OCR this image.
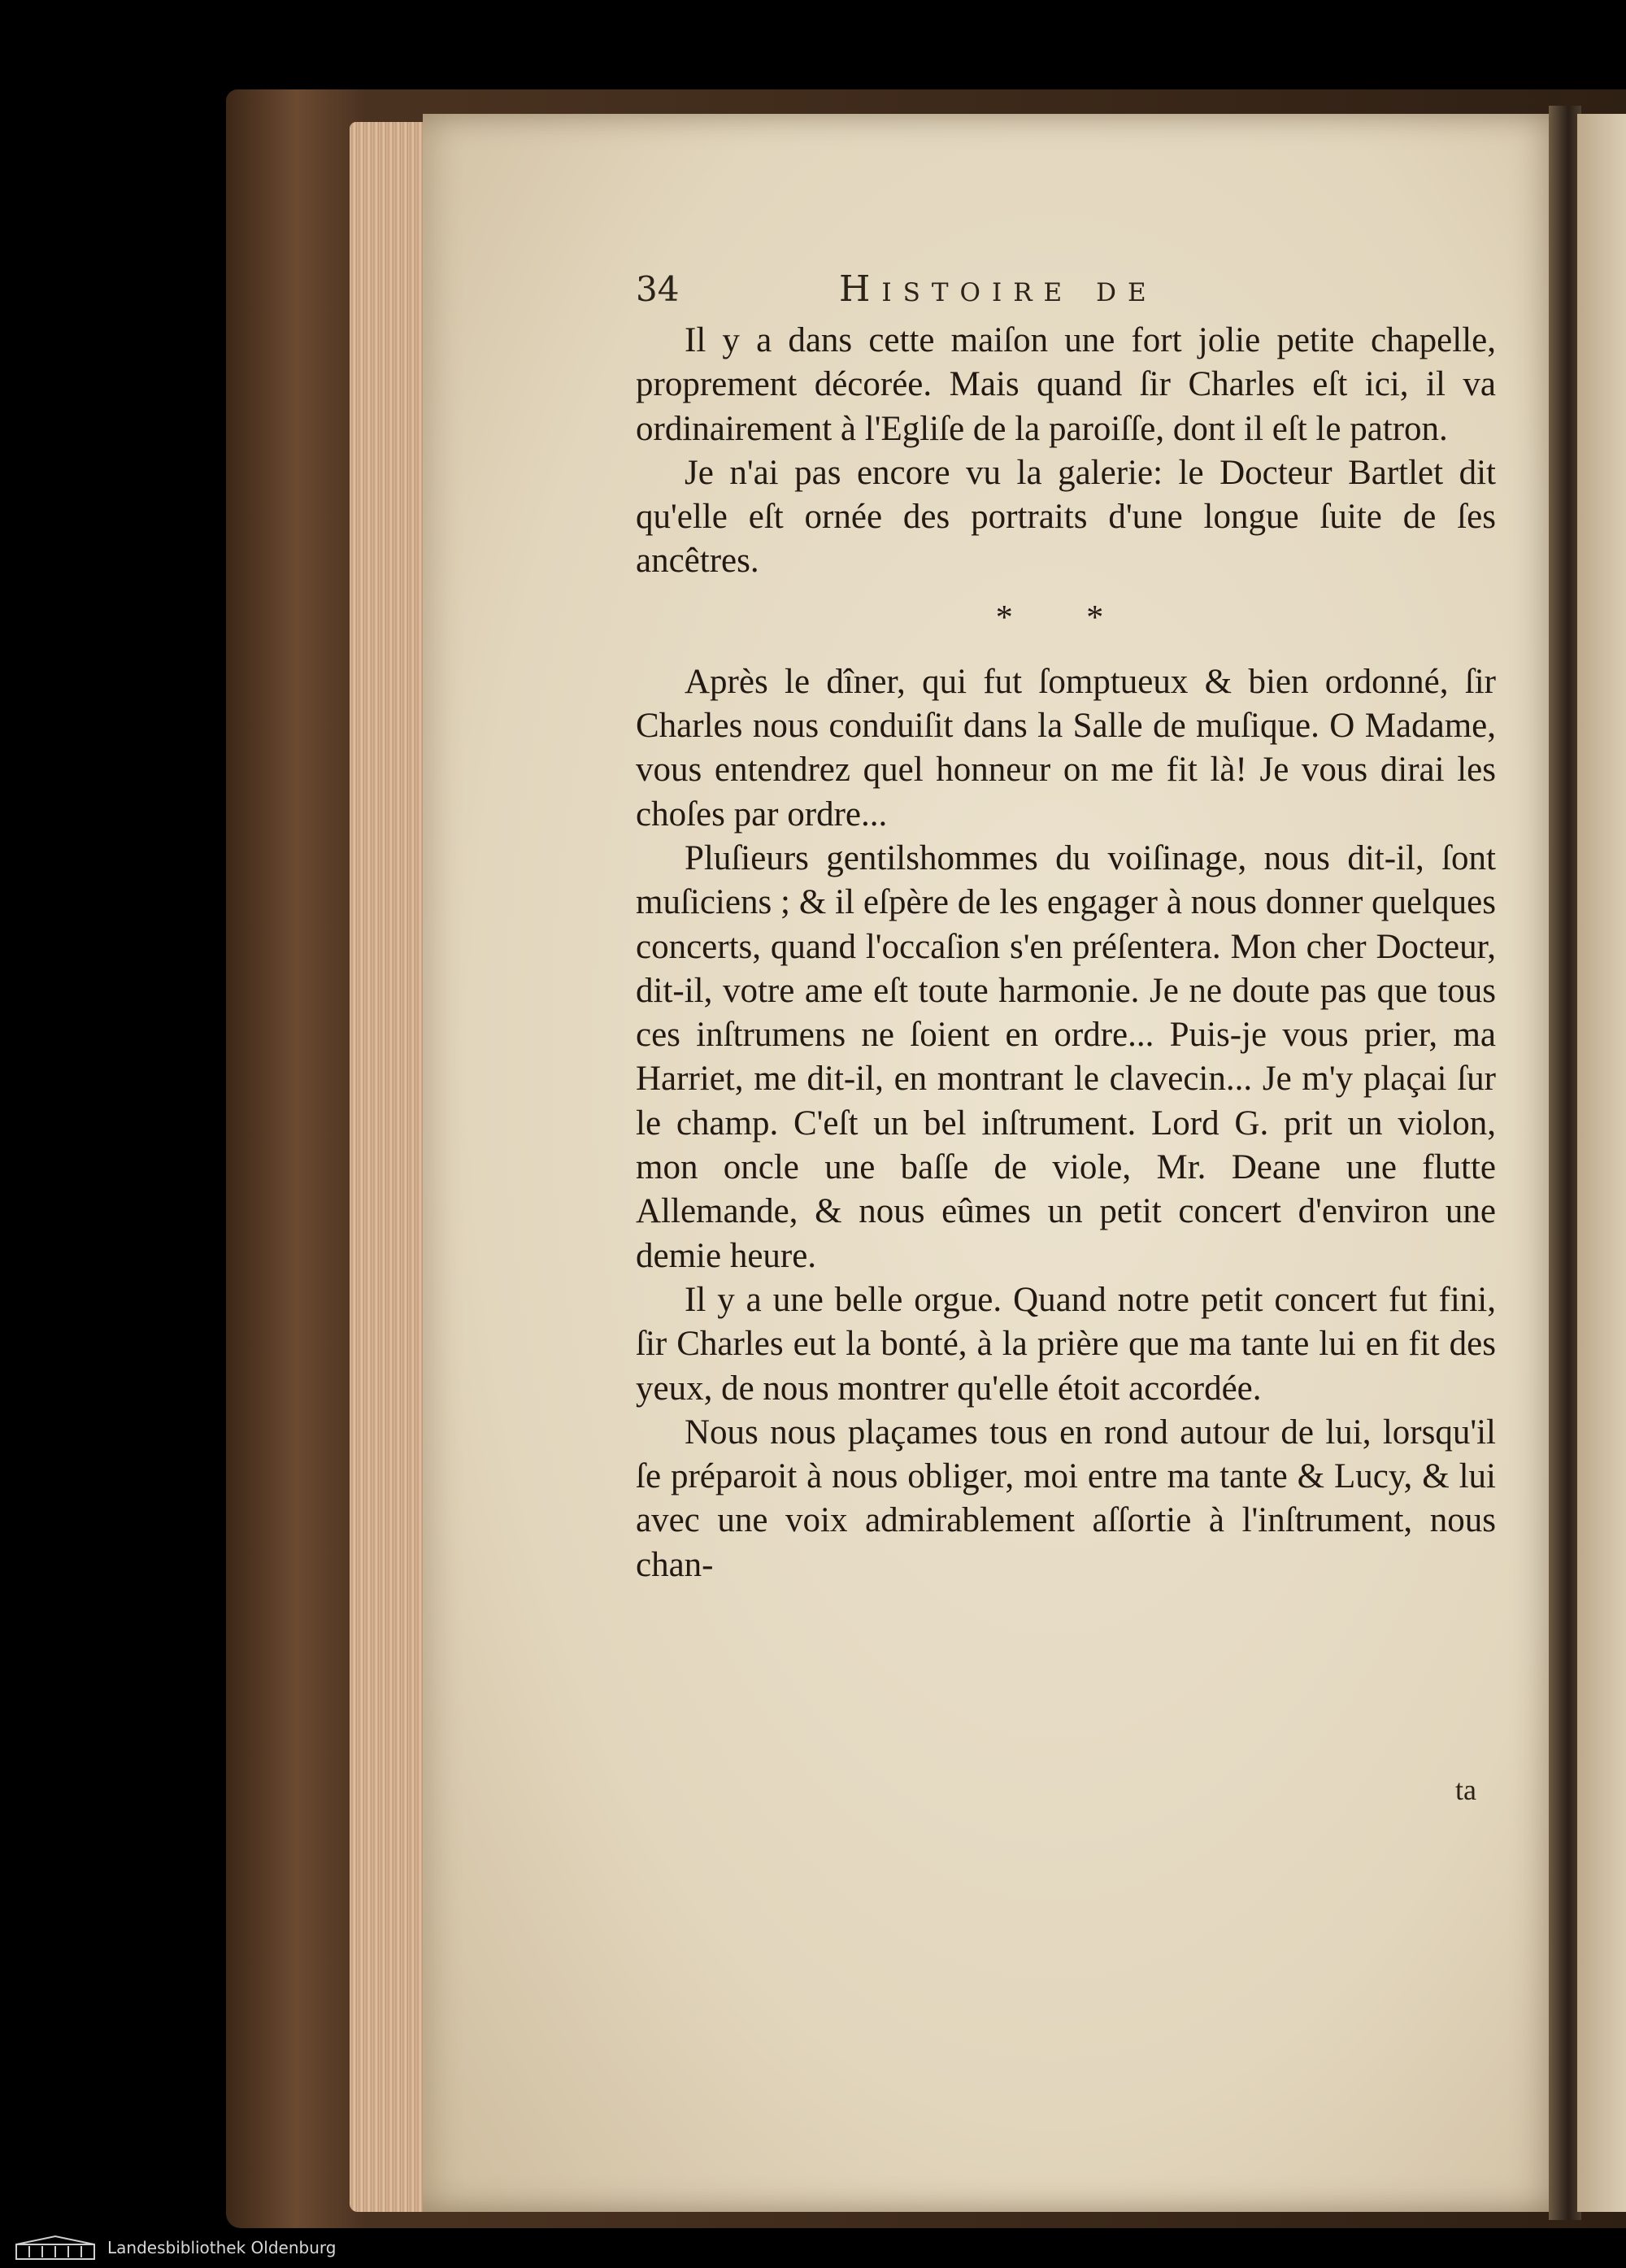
34	Histoire de

Il y a dans cette maiſon une fort jolie petite chapelle, proprement décorée. Mais quand ſir Charles eſt ici, il va ordinairement à l'Egliſe de la paroiſſe, dont il eſt le patron.

Je n'ai pas encore vu la galerie: le Docteur Bartlet dit qu'elle eſt ornée des portraits d'une longue ſuite de ſes ancêtres.

* *

Après le dîner, qui fut ſomptueux & bien ordonné, ſir Charles nous conduiſit dans la Salle de muſique. O Madame, vous entendrez quel honneur on me fit là! Je vous dirai les choſes par ordre...

Pluſieurs gentilshommes du voiſinage, nous dit-il, ſont muſiciens ; & il eſpère de les engager à nous donner quelques concerts, quand l'occaſion s'en préſentera. Mon cher Docteur, dit-il, votre ame eſt toute harmonie. Je ne doute pas que tous ces inſtrumens ne ſoient en ordre... Puis-je vous prier, ma Harriet, me dit-il, en montrant le clavecin... Je m'y plaçai ſur le champ. C'eſt un bel inſtrument. Lord G. prit un violon, mon oncle une baſſe de viole, Mr. Deane une flutte Allemande, & nous eûmes un petit concert d'environ une demie heure.

Il y a une belle orgue. Quand notre petit concert fut fini, ſir Charles eut la bonté, à la prière que ma tante lui en fit des yeux, de nous montrer qu'elle étoit accordée.

Nous nous plaçames tous en rond autour de lui, lorsqu'il ſe préparoit à nous obliger, moi entre ma tante & Lucy, & lui avec une voix admirablement aſſortie à l'inſtrument, nous chan-

ta
Landesbibliothek Oldenburg
